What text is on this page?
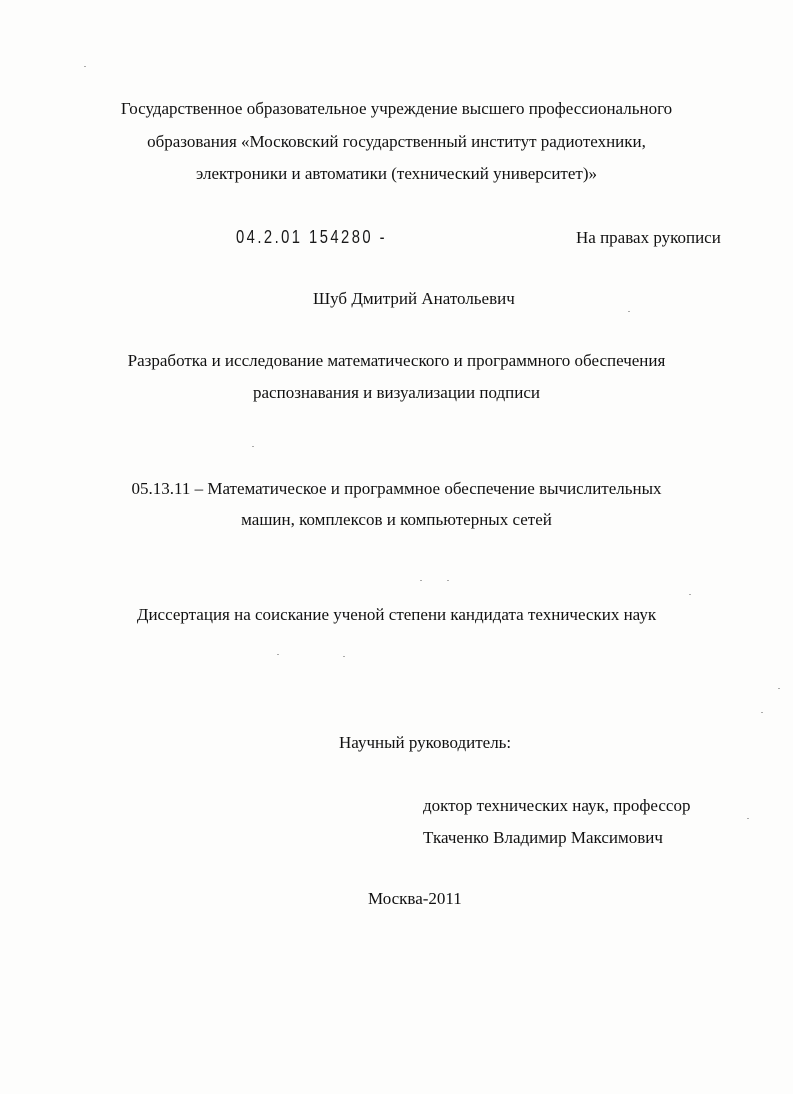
Государственное образовательное учреждение высшего профессионального
образования «Московский государственный институт радиотехники,
электроники и автоматики (технический университет)»
04.2.01 154280 -	На правах рукописи
Шуб Дмитрий Анатольевич
Разработка и исследование математического и программного обеспечения
распознавания и визуализации подписи
05.13.11 – Математическое и программное обеспечение вычислительных
машин, комплексов и компьютерных сетей
Диссертация на соискание ученой степени кандидата технических наук
Научный руководитель:
доктор технических наук, профессор
Ткаченко Владимир Максимович
Москва-2011
